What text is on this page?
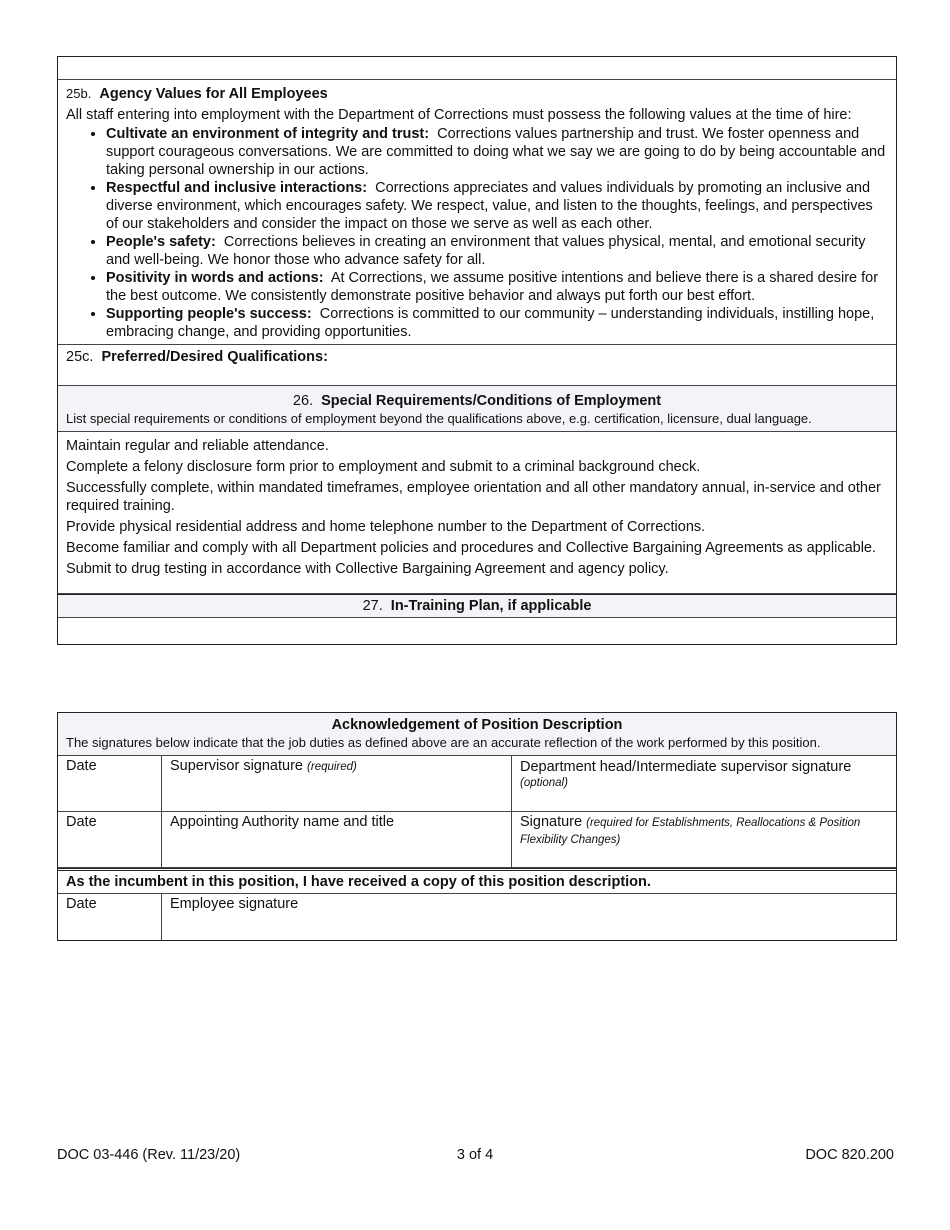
25b. Agency Values for All Employees

All staff entering into employment with the Department of Corrections must possess the following values at the time of hire:

• Cultivate an environment of integrity and trust: Corrections values partnership and trust. We foster openness and support courageous conversations. We are committed to doing what we say we are going to do by being accountable and taking personal ownership in our actions.
• Respectful and inclusive interactions: Corrections appreciates and values individuals by promoting an inclusive and diverse environment, which encourages safety. We respect, value, and listen to the thoughts, feelings, and perspectives of our stakeholders and consider the impact on those we serve as well as each other.
• People's safety: Corrections believes in creating an environment that values physical, mental, and emotional security and well-being. We honor those who advance safety for all.
• Positivity in words and actions: At Corrections, we assume positive intentions and believe there is a shared desire for the best outcome. We consistently demonstrate positive behavior and always put forth our best effort.
• Supporting people's success: Corrections is committed to our community – understanding individuals, instilling hope, embracing change, and providing opportunities.

25c. Preferred/Desired Qualifications:

26. Special Requirements/Conditions of Employment

List special requirements or conditions of employment beyond the qualifications above, e.g. certification, licensure, dual language.

Maintain regular and reliable attendance.

Complete a felony disclosure form prior to employment and submit to a criminal background check.

Successfully complete, within mandated timeframes, employee orientation and all other mandatory annual, in-service and other required training.

Provide physical residential address and home telephone number to the Department of Corrections.

Become familiar and comply with all Department policies and procedures and Collective Bargaining Agreements as applicable.

Submit to drug testing in accordance with Collective Bargaining Agreement and agency policy.

27. In-Training Plan, if applicable

Acknowledgement of Position Description

The signatures below indicate that the job duties as defined above are an accurate reflection of the work performed by this position.

Date	Supervisor signature (required)	Department head/Intermediate supervisor signature

(optional)

Date	Appointing Authority name and title	Signature (required for Establishments, Reallocations & Position Flexibility Changes)

As the incumbent in this position, I have received a copy of this position description.
Date	Employee signature
DOC 03-446 (Rev. 11/23/20)	3 of 4	DOC 820.200
